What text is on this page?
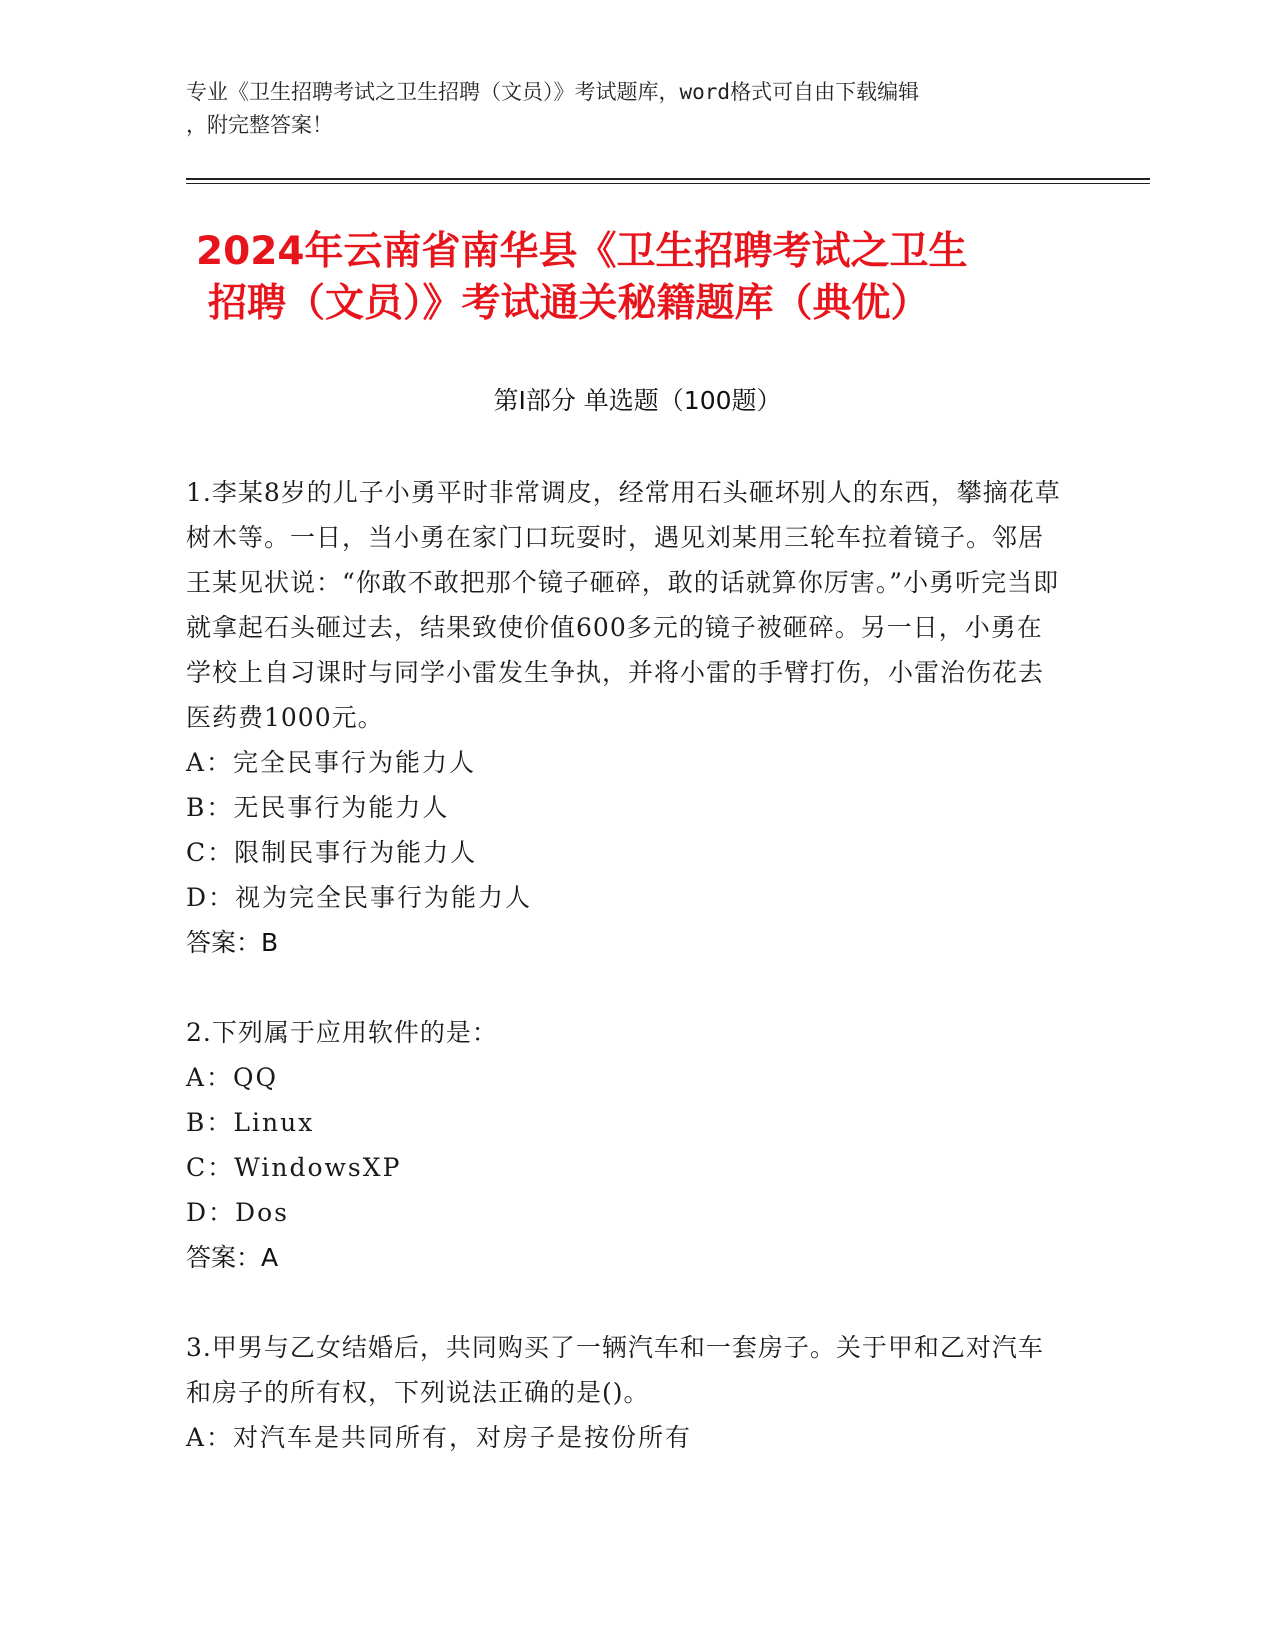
专业《卫生招聘考试之卫生招聘（文员）》考试题库，word格式可自由下载编辑
，附完整答案！
2024年云南省南华县《卫生招聘考试之卫生
招聘（文员）》考试通关秘籍题库（典优）
第Ⅰ部分 单选题（100题）
1.李某8岁的儿子小勇平时非常调皮，经常用石头砸坏别人的东西，攀摘花草树木等。一日，当小勇在家门口玩耍时，遇见刘某用三轮车拉着镜子。邻居王某见状说：“你敢不敢把那个镜子砸碎，敢的话就算你厉害。”小勇听完当即就拿起石头砸过去，结果致使价值600多元的镜子被砸碎。另一日，小勇在学校上自习课时与同学小雷发生争执，并将小雷的手臂打伤，小雷治伤花去医药费1000元。
A：完全民事行为能力人
B：无民事行为能力人
C：限制民事行为能力人
D：视为完全民事行为能力人
答案：B
2.下列属于应用软件的是：
A：QQ
B：Linux
C：WindowsXP
D：Dos
答案：A
3.甲男与乙女结婚后，共同购买了一辆汽车和一套房子。关于甲和乙对汽车和房子的所有权，下列说法正确的是()。
A：对汽车是共同所有，对房子是按份所有
